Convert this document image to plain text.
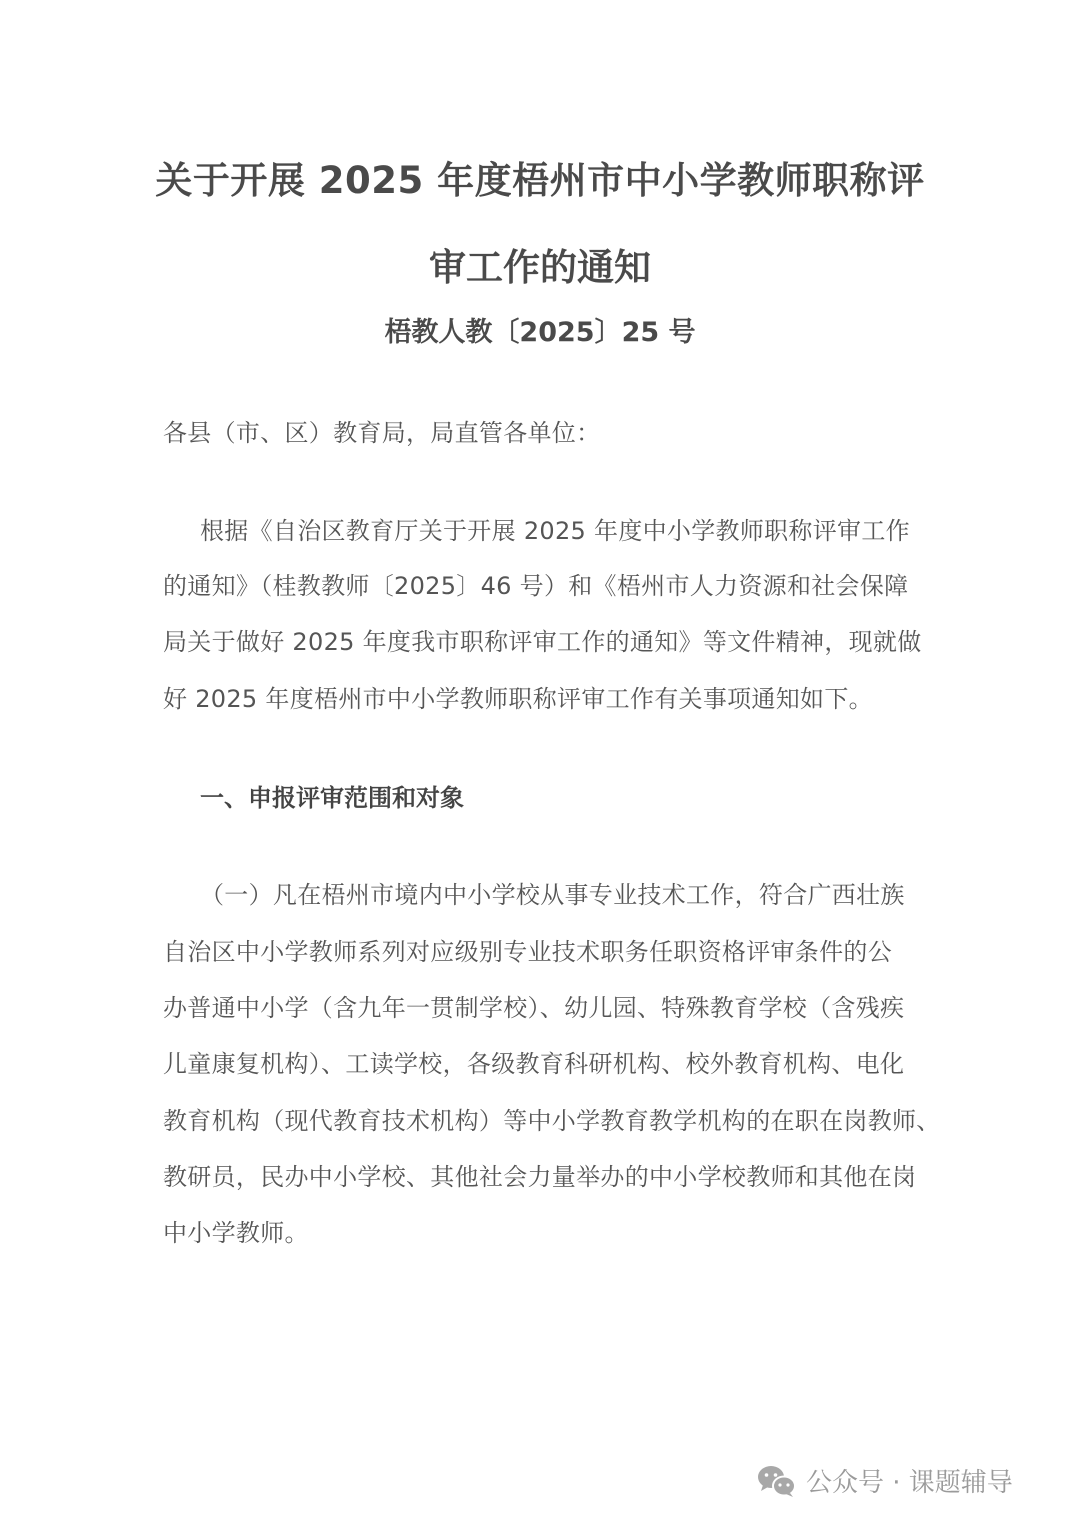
关于开展 2025 年度梧州市中小学教师职称评
审工作的通知
梧教人教〔2025〕25 号
各县（市、区）教育局，局直管各单位：
根据《自治区教育厅关于开展 2025 年度中小学教师职称评审工作
的通知》（桂教教师〔2025〕46 号）和《梧州市人力资源和社会保障
局关于做好 2025 年度我市职称评审工作的通知》等文件精神，现就做
好 2025 年度梧州市中小学教师职称评审工作有关事项通知如下。
一、申报评审范围和对象
（一）凡在梧州市境内中小学校从事专业技术工作，符合广西壮族
自治区中小学教师系列对应级别专业技术职务任职资格评审条件的公
办普通中小学（含九年一贯制学校）、幼儿园、特殊教育学校（含残疾
儿童康复机构）、工读学校，各级教育科研机构、校外教育机构、电化
教育机构（现代教育技术机构）等中小学教育教学机构的在职在岗教师、
教研员，民办中小学校、其他社会力量举办的中小学校教师和其他在岗
中小学教师。
公众号 · 课题辅导
